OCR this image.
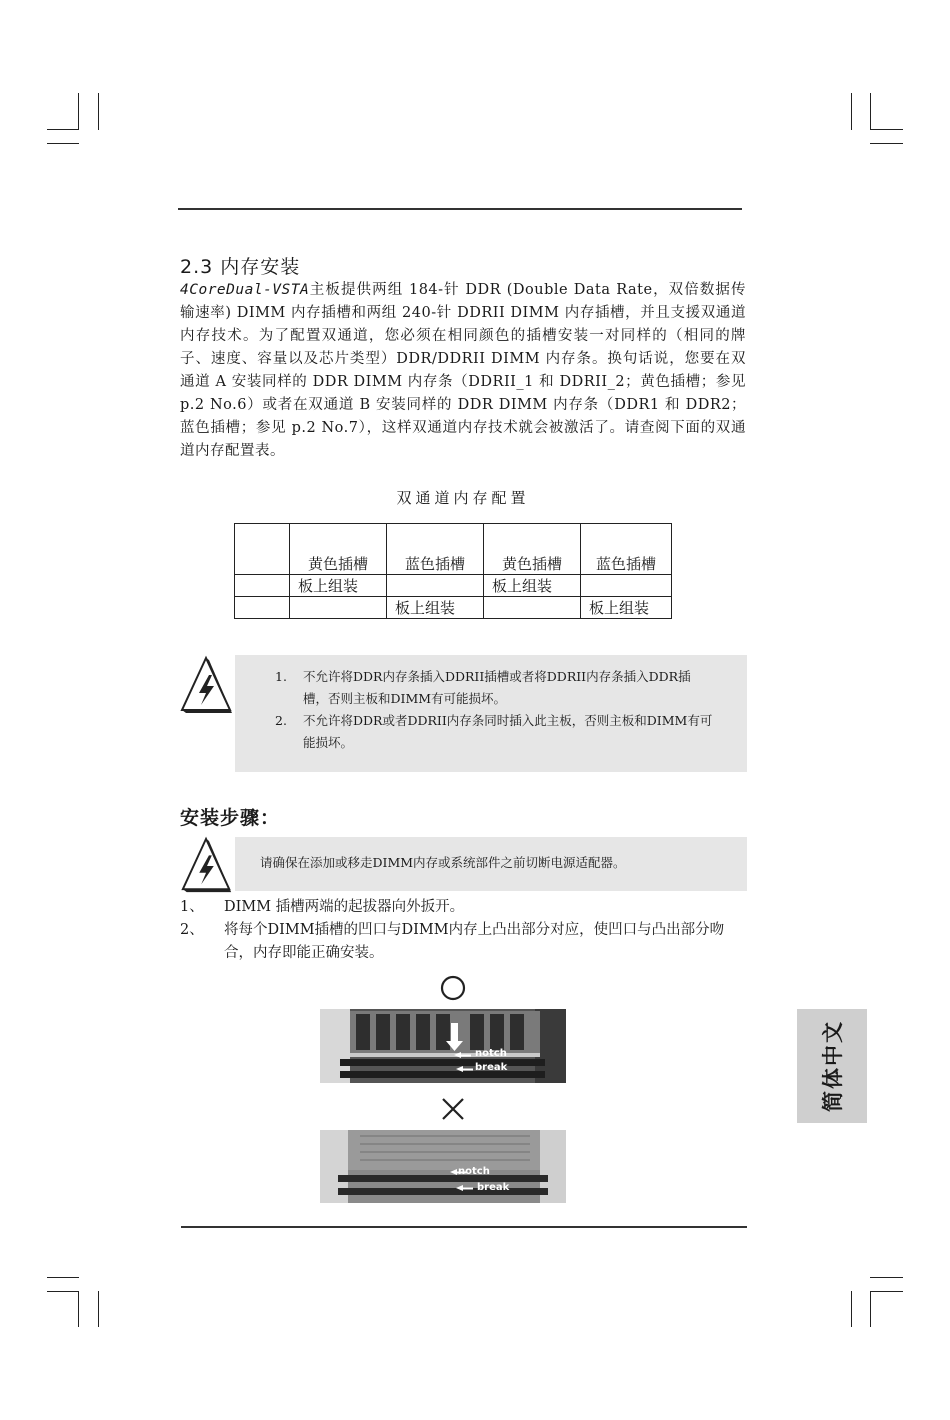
2.3 内存安装
4CoreDual-VSTA主板提供两组 184-针 DDR (Double Data Rate，双倍数据传输速率) DIMM 内存插槽和两组 240-针 DDRII DIMM 内存插槽，并且支援双通道内存技术。为了配置双通道，您必须在相同颜色的插槽安装一对同样的（相同的牌子、速度、容量以及芯片类型）DDR/DDRII DIMM 内存条。换句话说，您要在双通道 A 安装同样的 DDR DIMM 内存条（DDRII_1 和 DDRII_2；黄色插槽；参见 p.2 No.6）或者在双通道 B 安装同样的 DDR DIMM 内存条（DDR1 和 DDR2；蓝色插槽；参见 p.2 No.7），这样双通道内存技术就会被激活了。请查阅下面的双通道内存配置表。
双通道内存配置
	黄色插槽	蓝色插槽	黄色插槽	蓝色插槽
	板上组装		板上组装	
		板上组装		板上组装
1. 不允许将DDR内存条插入DDRII插槽或者将DDRII内存条插入DDR插槽，否则主板和DIMM有可能损坏。
2. 不允许将DDR或者DDRII内存条同时插入此主板，否则主板和DIMM有可能损坏。
安装步骤：
请确保在添加或移走DIMM内存或系统部件之前切断电源适配器。
1、 DIMM 插槽两端的起拔器向外扳开。
2、 将每个DIMM插槽的凹口与DIMM内存上凸出部分对应，使凹口与凸出部分吻合，内存即能正确安装。
notch
break
notch
break
简体中文
